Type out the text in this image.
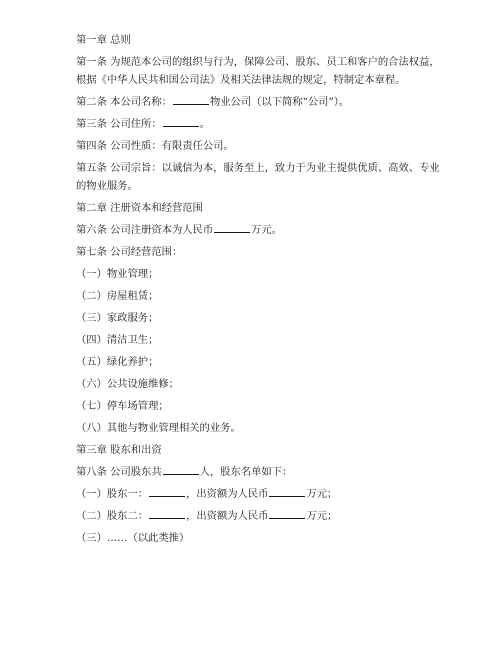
第一章 总则

第一条 为规范本公司的组织与行为，保障公司、股东、员工和客户的合法权益，

根据《中华人民共和国公司法》及相关法律法规的规定，特制定本章程。

第二条 本公司名称：	物业公司（以下简称“公司”）。

第三条 公司住所：	。

第四条 公司性质：有限责任公司。

第五条 公司宗旨：以诚信为本，服务至上，致力于为业主提供优质、高效、专业

的物业服务。

第二章 注册资本和经营范围

第六条 公司注册资本为人民币	万元。

第七条 公司经营范围：

（一）物业管理；

（二）房屋租赁；

（三）家政服务；

（四）清洁卫生；

（五）绿化养护；

（六）公共设施维修；

（七）停车场管理；

（八）其他与物业管理相关的业务。

第三章 股东和出资

第八条 公司股东共	人，股东名单如下：

（一）股东一：	，出资额为人民币	万元；

（二）股东二：	，出资额为人民币	万元；

（三）……（以此类推）
